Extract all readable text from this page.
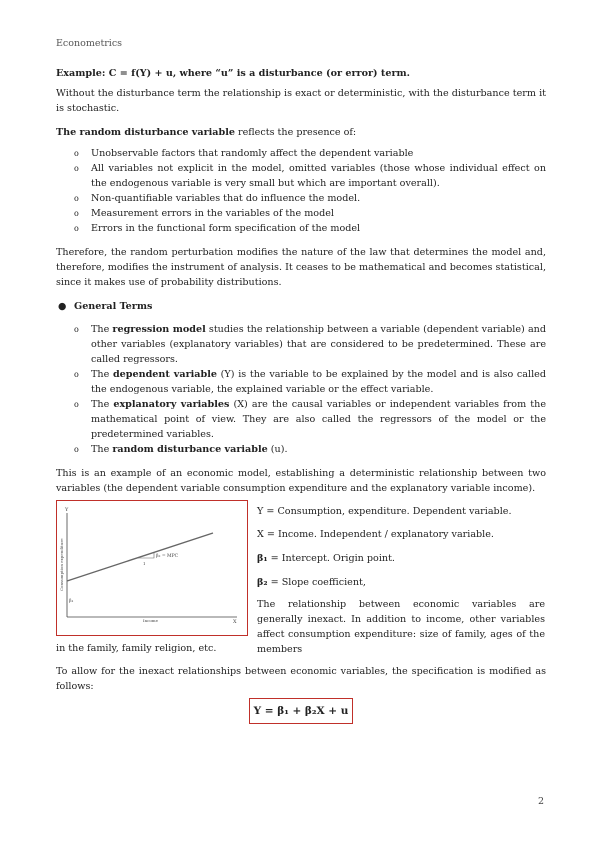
Econometrics

Example: C = f(Y) + u, where “u” is a disturbance (or error) term.

Without the disturbance term the relationship is exact or deterministic, with the disturbance term it is stochastic.

The random disturbance variable reflects the presence of:

o Unobservable factors that randomly affect the dependent variable
o All variables not explicit in the model, omitted variables (those whose individual effect on the endogenous variable is very small but which are important overall).
o Non-quantifiable variables that do influence the model.
o Measurement errors in the variables of the model
o Errors in the functional form specification of the model

Therefore, the random perturbation modifies the nature of the law that determines the model and, therefore, modifies the instrument of analysis. It ceases to be mathematical and becomes statistical, since it makes use of probability distributions.

● General Terms
o The regression model studies the relationship between a variable (dependent variable) and other variables (explanatory variables) that are considered to be predetermined. These are called regressors.
o The dependent variable (Y) is the variable to be explained by the model and is also called the endogenous variable, the explained variable or the effect variable.
o The explanatory variables (X) are the causal variables or independent variables from the mathematical point of view. They are also called the regressors of the model or the predetermined variables.
o The random disturbance variable (u).

This is an example of an economic model, establishing a deterministic relationship between two variables (the dependent variable consumption expenditure and the explanatory variable income).

Y
X
Consumption expenditure
Income
β₁
β₂ = MPC
1

Y = Consumption, expenditure. Dependent variable.

X = Income. Independent / explanatory variable.

β₁ = Intercept. Origin point.

β₂ = Slope coefficient,

The relationship between economic variables are generally inexact. In addition to income, other variables affect consumption expenditure: size of family, ages of the members

in the family, family religion, etc.

To allow for the inexact relationships between economic variables, the specification is modified as follows:

Y = β₁ + β₂X + u
2
